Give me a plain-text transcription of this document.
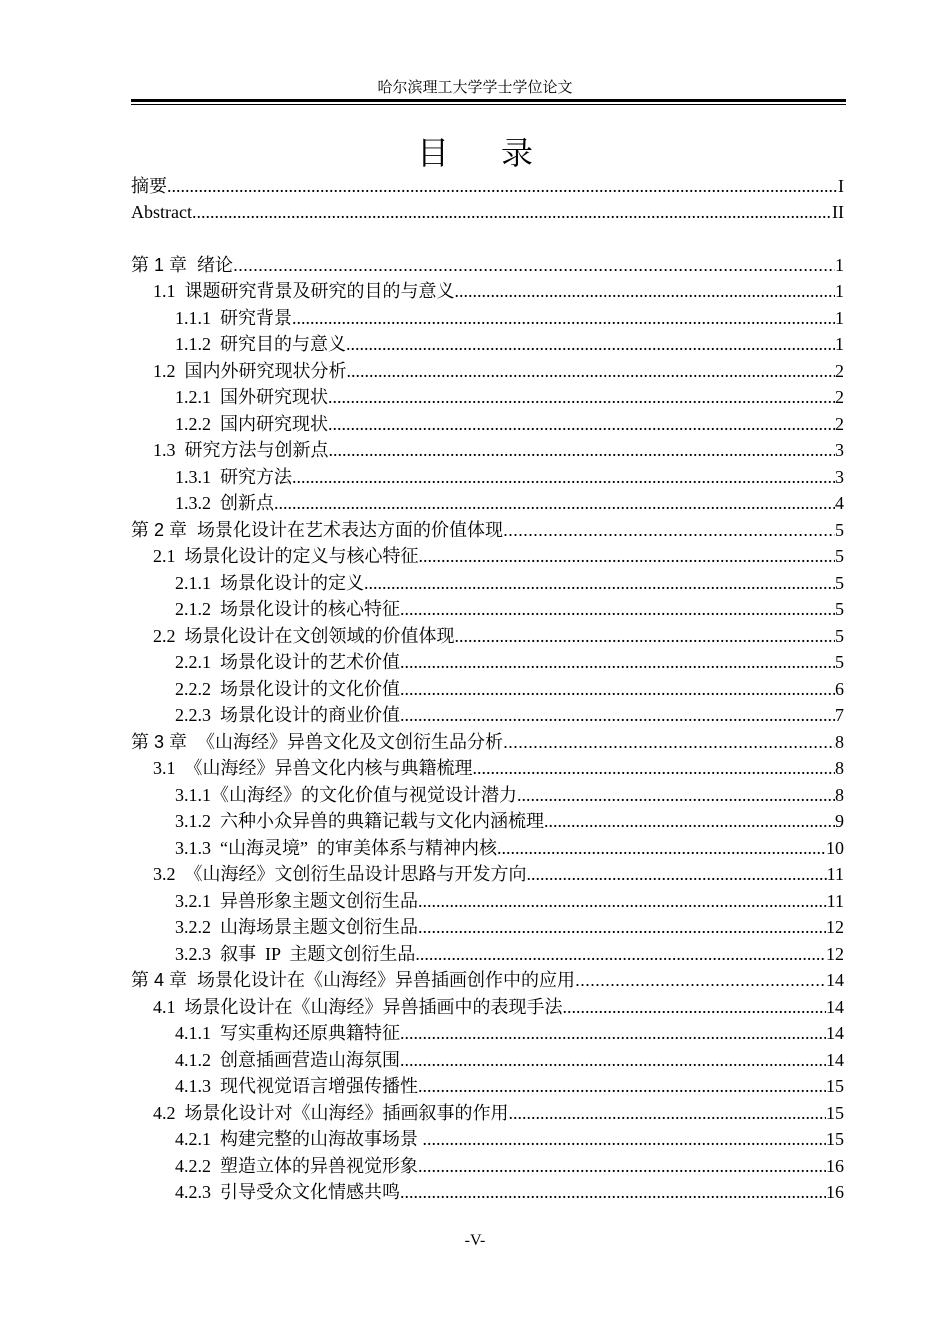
哈尔滨理工大学学士学位论文
目录
摘要 .....	I
Abstract .....	II
第 1 章  绪论 .....	1
1.1  课题研究背景及研究的目的与意义 .....	1
1.1.1  研究背景 .....	1
1.1.2  研究目的与意义 .....	1
1.2  国内外研究现状分析 .....	2
1.2.1  国外研究现状 .....	2
1.2.2  国内研究现状 .....	2
1.3  研究方法与创新点 .....	3
1.3.1  研究方法 .....	3
1.3.2  创新点 .....	4
第 2 章  场景化设计在艺术表达方面的价值体现 .....	5
2.1  场景化设计的定义与核心特征 .....	5
2.1.1  场景化设计的定义 .....	5
2.1.2  场景化设计的核心特征 .....	5
2.2  场景化设计在文创领域的价值体现 .....	5
2.2.1  场景化设计的艺术价值 .....	5
2.2.2  场景化设计的文化价值 .....	6
2.2.3  场景化设计的商业价值 .....	7
第 3 章  《山海经》异兽文化及文创衍生品分析 .....	8
3.1  《山海经》异兽文化内核与典籍梳理 .....	8
3.1.1《山海经》的文化价值与视觉设计潜力 .....	8
3.1.2  六种小众异兽的典籍记载与文化内涵梳理 .....	9
3.1.3  “山海灵境”  的审美体系与精神内核 .....	10
3.2  《山海经》文创衍生品设计思路与开发方向 .....	11
3.2.1  异兽形象主题文创衍生品 .....	11
3.2.2  山海场景主题文创衍生品 .....	12
3.2.3  叙事  IP  主题文创衍生品 .....	12
第 4 章  场景化设计在《山海经》异兽插画创作中的应用 .....	14
4.1  场景化设计在《山海经》异兽插画中的表现手法 .....	14
4.1.1  写实重构还原典籍特征 .....	14
4.1.2  创意插画营造山海氛围 .....	14
4.1.3  现代视觉语言增强传播性 .....	15
4.2  场景化设计对《山海经》插画叙事的作用 .....	15
4.2.1  构建完整的山海故事场景 .....	15
4.2.2  塑造立体的异兽视觉形象 .....	16
4.2.3  引导受众文化情感共鸣 .....	16
-V-
